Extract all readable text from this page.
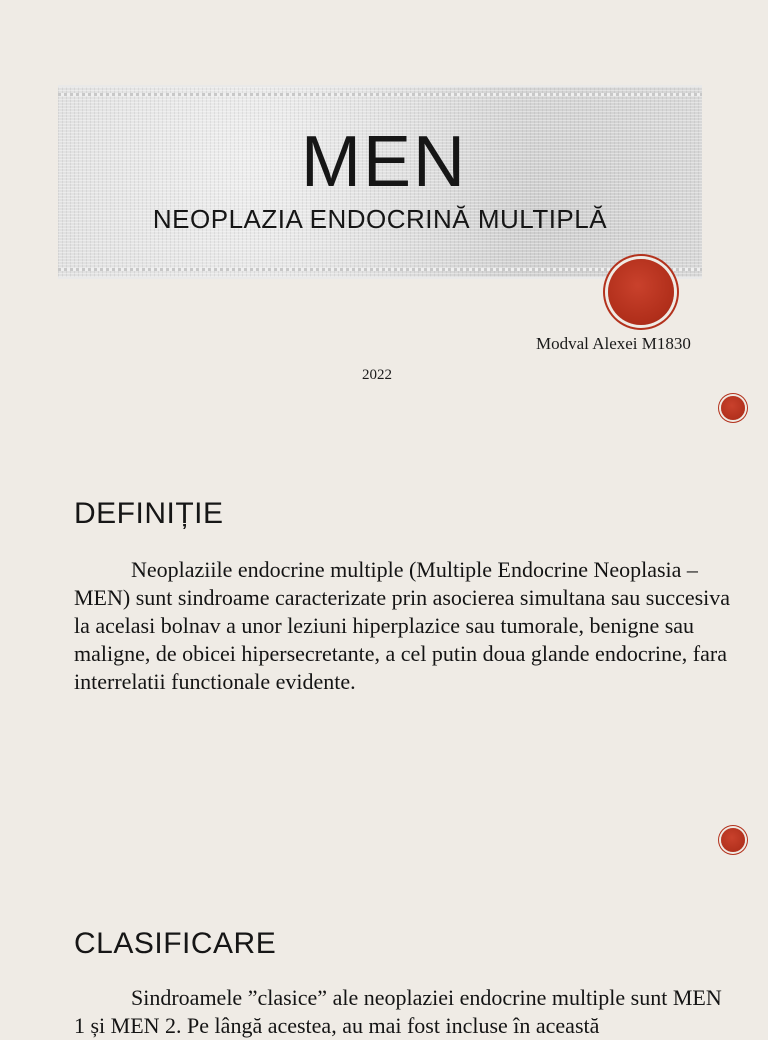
MEN
NEOPLAZIA ENDOCRINĂ MULTIPLĂ
Modval Alexei M1830
2022
DEFINIȚIE
Neoplaziile endocrine multiple (Multiple Endocrine Neoplasia – MEN) sunt sindroame caracterizate prin asocierea simultana sau succesiva la acelasi bolnav a unor leziuni hiperplazice sau tumorale, benigne sau maligne, de obicei hipersecretante, a cel putin doua glande endocrine, fara interrelatii functionale evidente.
CLASIFICARE
Sindroamele ”clasice” ale neoplaziei endocrine multiple sunt MEN 1 și MEN 2. Pe lângă acestea, au mai fost incluse în această
